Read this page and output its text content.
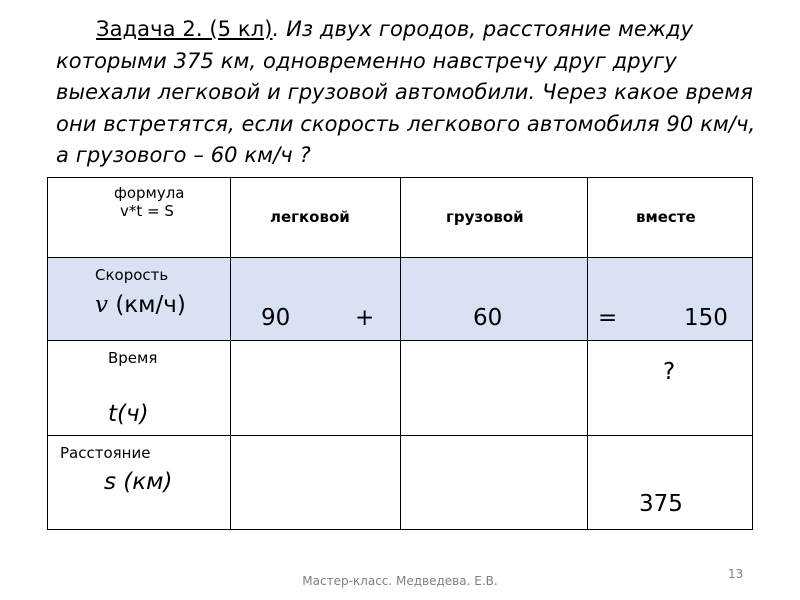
Задача 2. (5 кл). Из двух городов, расстояние между которыми 375 км, одновременно навстречу друг другу выехали легковой и грузовой автомобили. Через какое время они встретятся, если скорость легкового автомобиля 90 км/ч, а грузового – 60 км/ч ?
формула
v*t = S	легковой	грузовой	вместе

Скорость
v (км/ч)	90 +	60	= 150

Время
t(ч)			?

Расстояние
s (км)			375
Мастер-класс. Медведева. Е.В.	13
